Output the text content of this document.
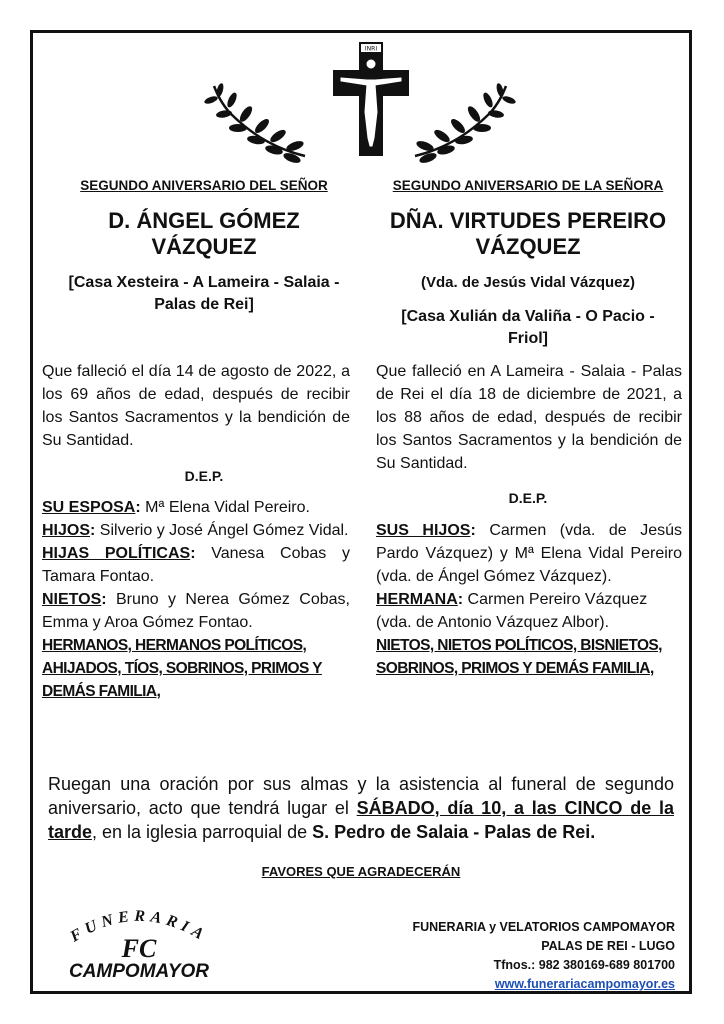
INRI
SEGUNDO ANIVERSARIO DEL SEÑOR
D. ÁNGEL GÓMEZ
VÁZQUEZ
[Casa Xesteira - A Lameira - Salaia -
Palas de Rei]
Que falleció el día 14 de agosto de 2022, a los 69 años de edad, después de recibir los Santos Sacramentos y la bendición de Su Santidad.
D.E.P.

SU ESPOSA: Mª Elena Vidal Pereiro.

HIJOS: Silverio y José Ángel Gómez Vidal.

HIJAS POLÍTICAS: Vanesa Cobas y Tamara Fontao.

NIETOS: Bruno y Nerea Gómez Cobas, Emma y Aroa Gómez Fontao.

HERMANOS, HERMANOS POLÍTICOS, AHIJADOS, TÍOS, SOBRINOS, PRIMOS Y DEMÁS FAMILIA,

SEGUNDO ANIVERSARIO DE LA SEÑORA
DÑA. VIRTUDES PEREIRO
VÁZQUEZ
(Vda. de Jesús Vidal Vázquez)
[Casa Xulián da Valiña - O Pacio -
Friol]
Que falleció en A Lameira - Salaia - Palas de Rei el día 18 de diciembre de 2021, a los 88 años de edad, después de recibir los Santos Sacramentos y la bendición de Su Santidad.
D.E.P.

SUS HIJOS: Carmen (vda. de Jesús Pardo Vázquez) y Mª Elena Vidal Pereiro (vda. de Ángel Gómez Vázquez).

HERMANA: Carmen Pereiro Vázquez (vda. de Antonio Vázquez Albor).

NIETOS, NIETOS POLÍTICOS, BISNIETOS, SOBRINOS, PRIMOS Y DEMÁS FAMILIA,

Ruegan una oración por sus almas y la asistencia al funeral de segundo aniversario, acto que tendrá lugar el SÁBADO, día 10, a las CINCO de la tarde, en la iglesia parroquial de S. Pedro de Salaia - Palas de Rei.
FAVORES QUE AGRADECERÁN
FUNERARIA
FC
CAMPOMAYOR
FUNERARIA y VELATORIOS CAMPOMAYOR
PALAS DE REI - LUGO
Tfnos.: 982 380169-689 801700
www.funerariacampomayor.es
